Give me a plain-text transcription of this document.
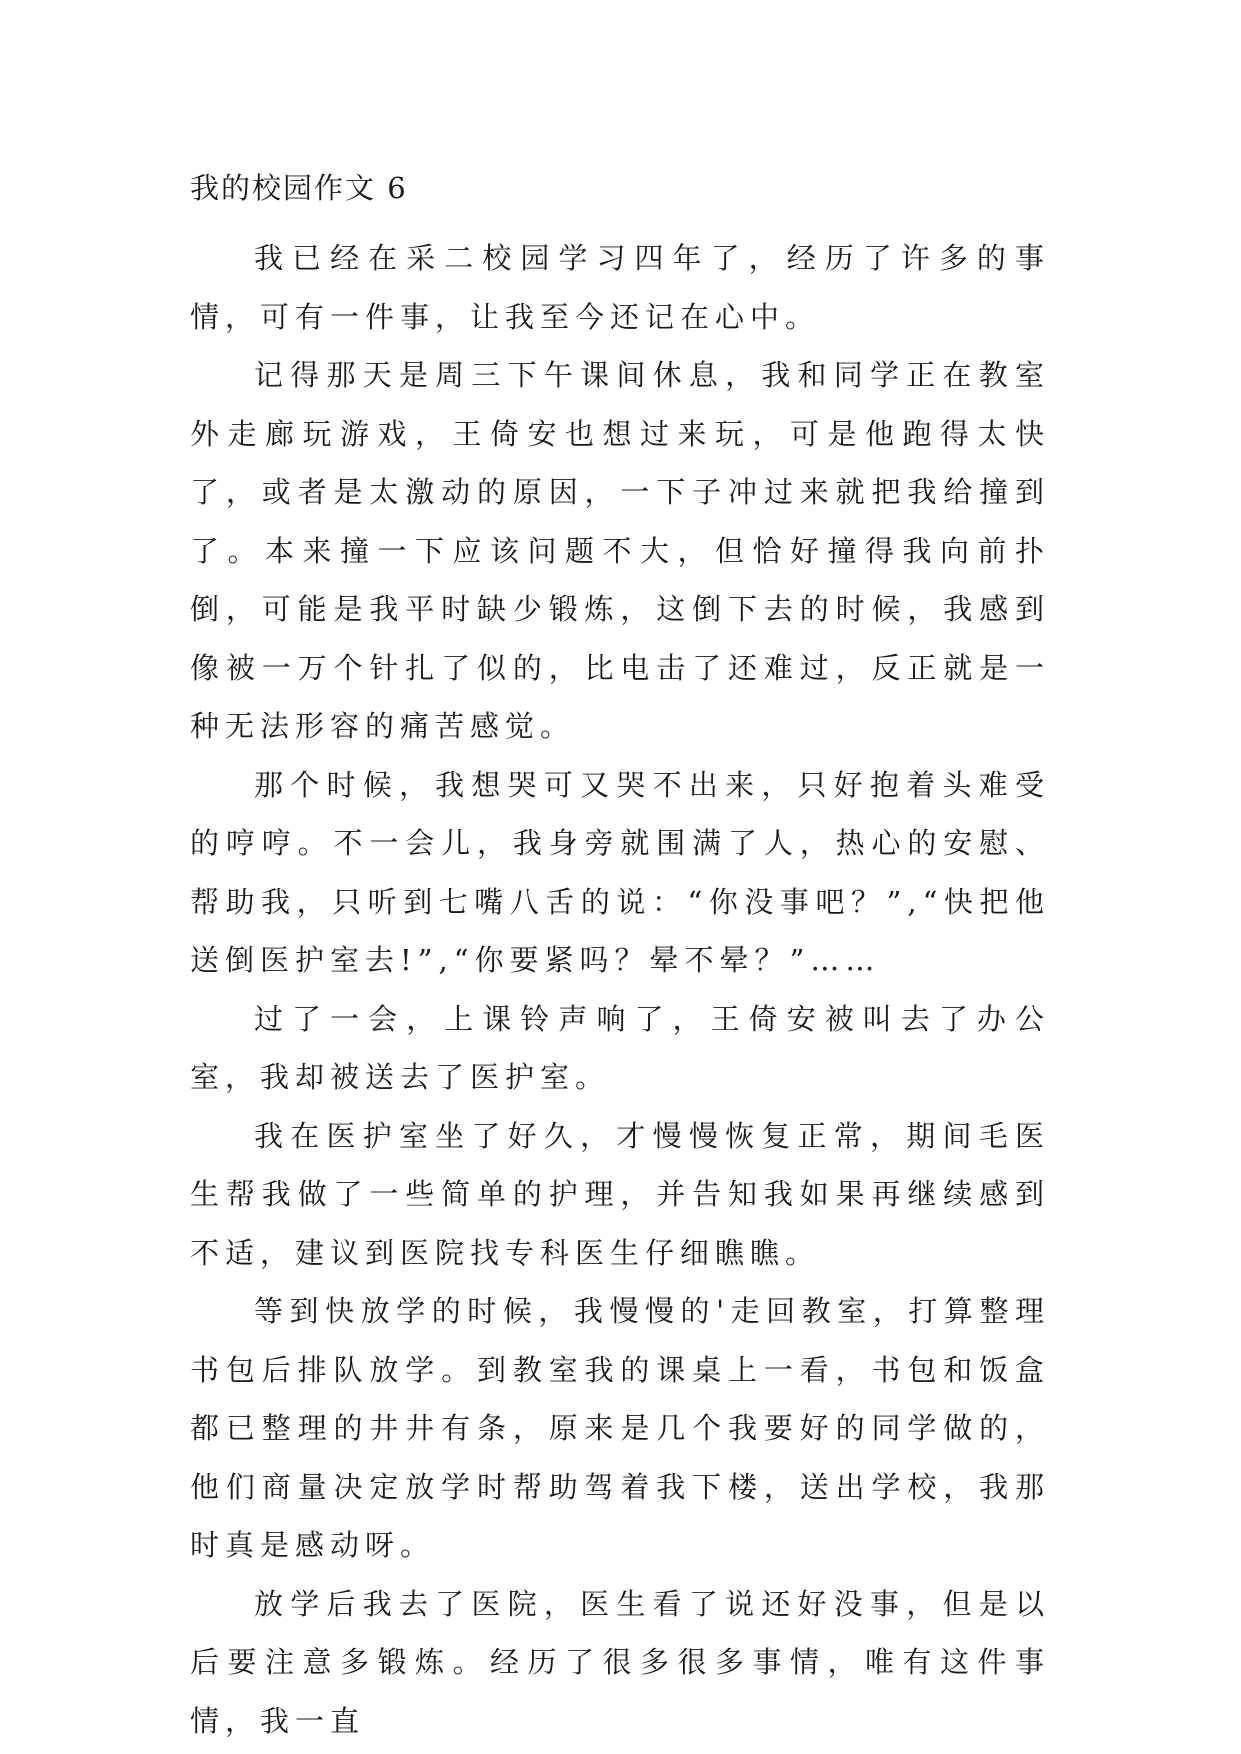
我的校园作文 6

我已经在采二校园学习四年了，经历了许多的事情，可有一件事，让我至今还记在心中。

记得那天是周三下午课间休息，我和同学正在教室外走廊玩游戏，王倚安也想过来玩，可是他跑得太快了，或者是太激动的原因，一下子冲过来就把我给撞到了。本来撞一下应该问题不大，但恰好撞得我向前扑倒，可能是我平时缺少锻炼，这倒下去的时候，我感到像被一万个针扎了似的，比电击了还难过，反正就是一种无法形容的痛苦感觉。

那个时候，我想哭可又哭不出来，只好抱着头难受的哼哼。不一会儿，我身旁就围满了人，热心的安慰、帮助我，只听到七嘴八舌的说：“你没事吧？”,“快把他送倒医护室去!”,“你要紧吗？晕不晕？”……

过了一会，上课铃声响了，王倚安被叫去了办公室，我却被送去了医护室。

我在医护室坐了好久，才慢慢恢复正常，期间毛医生帮我做了一些简单的护理，并告知我如果再继续感到不适，建议到医院找专科医生仔细瞧瞧。

等到快放学的时候，我慢慢的'走回教室，打算整理书包后排队放学。到教室我的课桌上一看，书包和饭盒都已整理的井井有条，原来是几个我要好的同学做的，他们商量决定放学时帮助驾着我下楼，送出学校，我那时真是感动呀。

放学后我去了医院，医生看了说还好没事，但是以后要注意多锻炼。经历了很多很多事情，唯有这件事情，我一直
